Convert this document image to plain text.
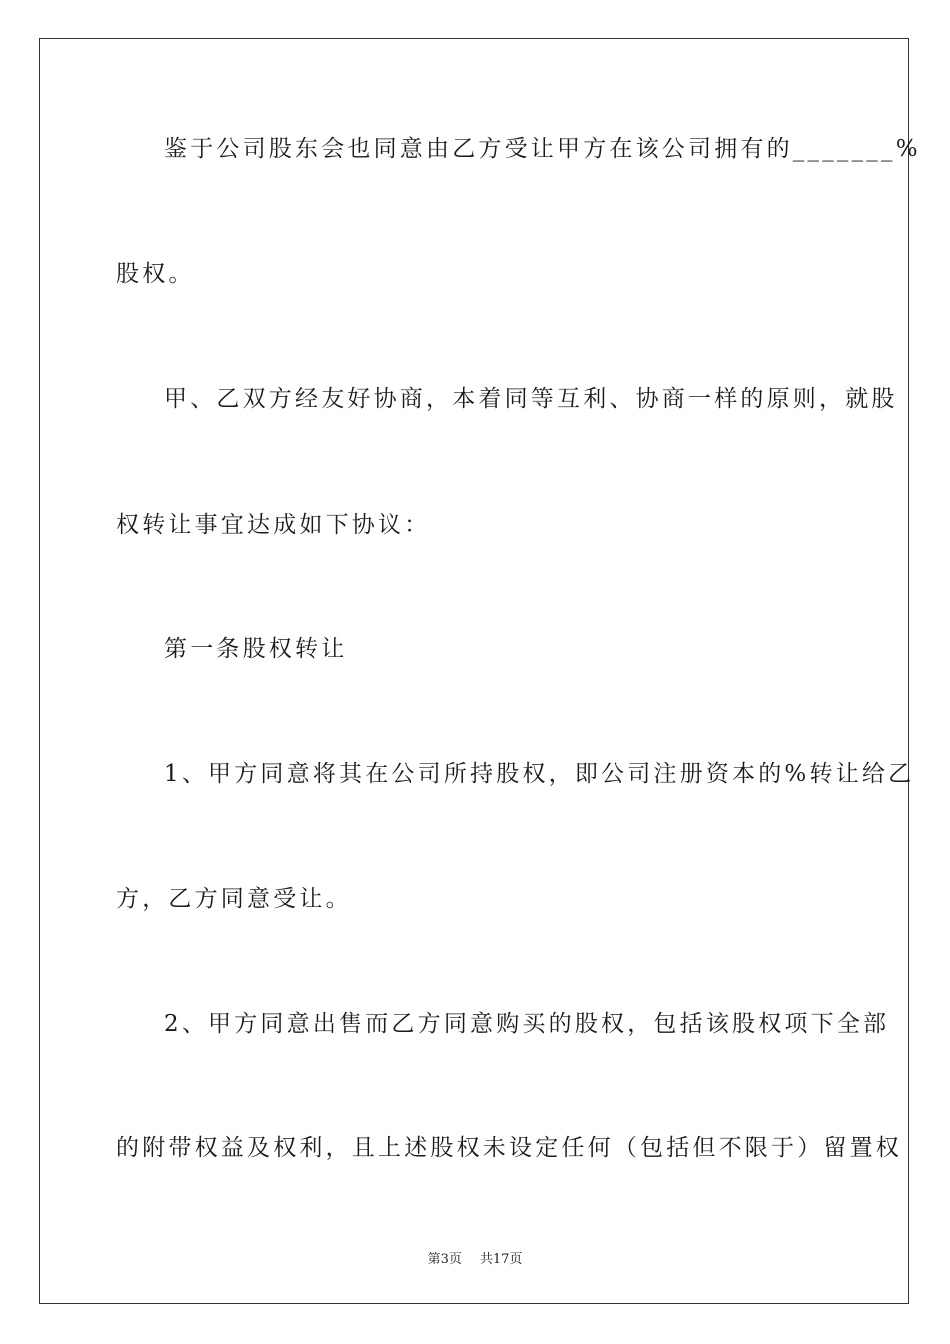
鉴于公司股东会也同意由乙方受让甲方在该公司拥有的_______%
股权。
甲、乙双方经友好协商，本着同等互利、协商一样的原则，就股
权转让事宜达成如下协议：
第一条股权转让
1、甲方同意将其在公司所持股权，即公司注册资本的%转让给乙
方，乙方同意受让。
2、甲方同意出售而乙方同意购买的股权，包括该股权项下全部
的附带权益及权利，且上述股权未设定任何（包括但不限于）留置权
第3页 共17页
